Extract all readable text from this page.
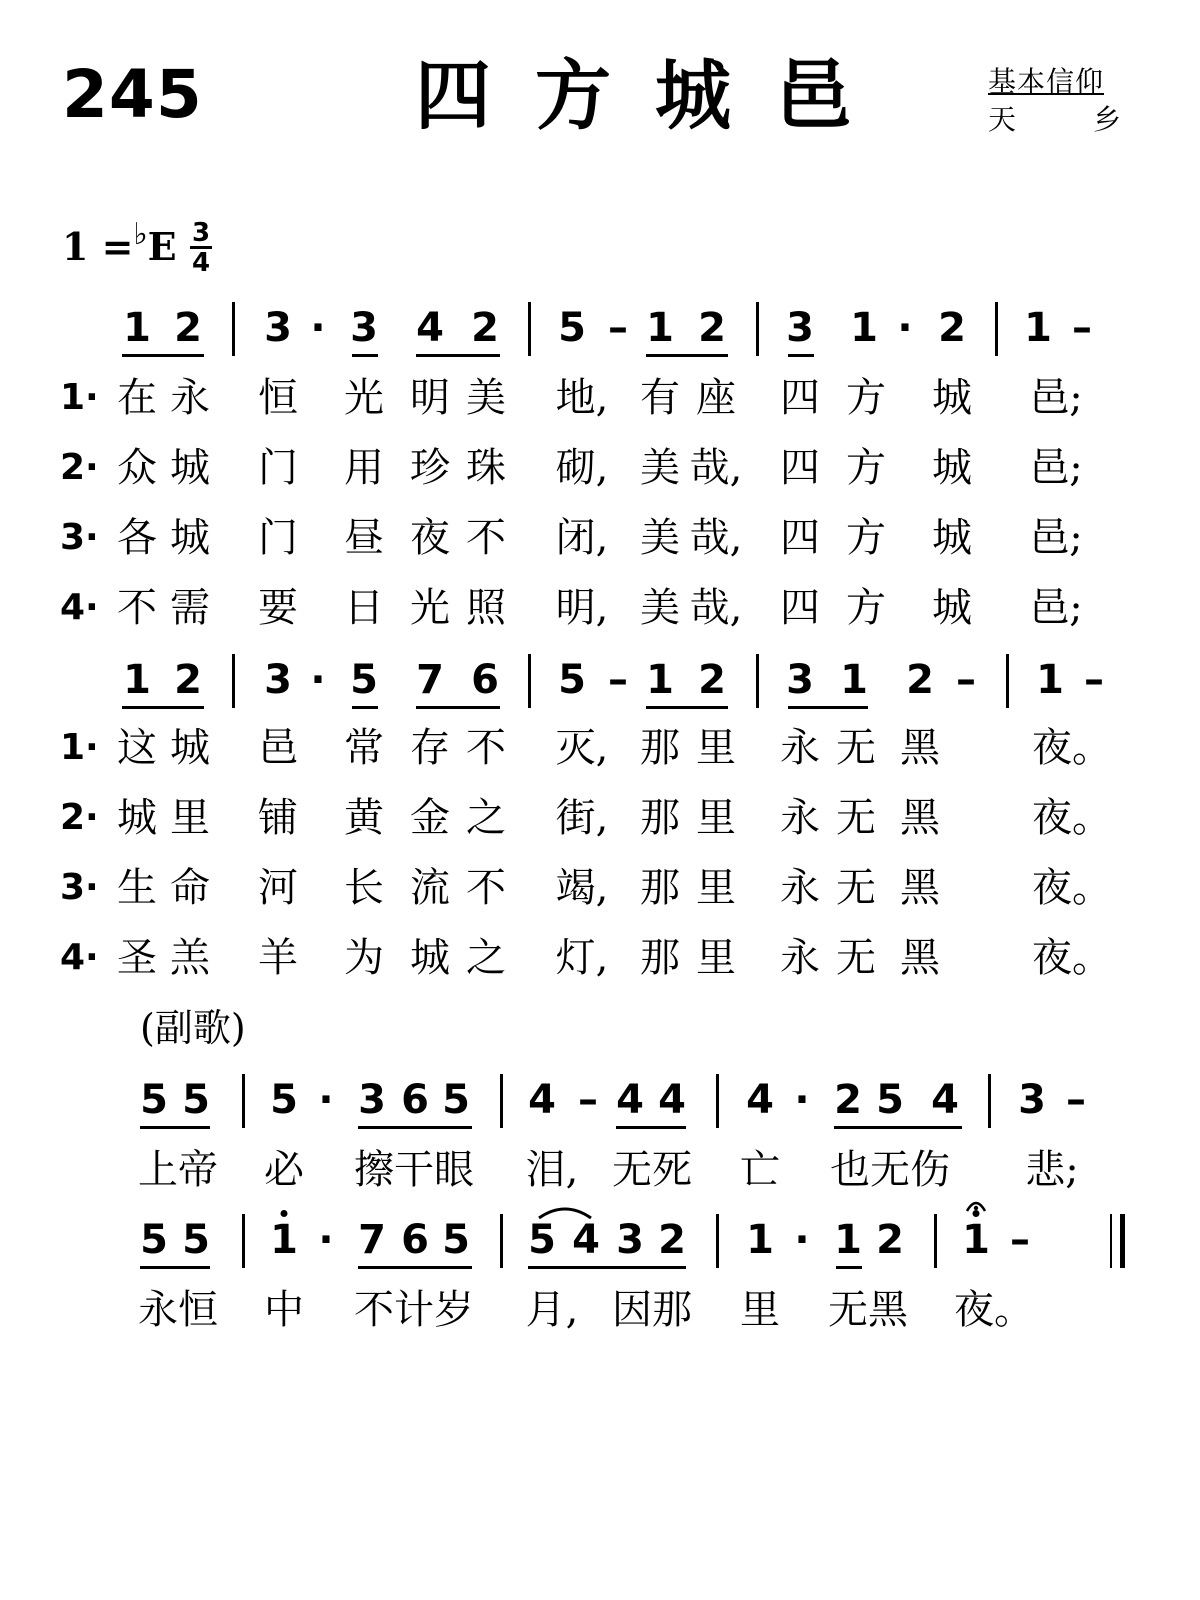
245	四方城邑	基本信仰
天	乡
$1 =^♭E \frac{3}{4}$
1 2 3 · 3 4 2 5 – 1 2 3 1 · 2 1 –
1· 在 永 恒 光 明 美 地, 有 座 四 方 城 邑;
2· 众 城 门 用 珍 珠 砌, 美 哉, 四 方 城 邑;
3· 各 城 门 昼 夜 不 闭, 美 哉, 四 方 城 邑;
4· 不 需 要 日 光 照 明, 美 哉, 四 方 城 邑;
1 2 3 · 5 7 6 5 – 1 2 3 1 2 – 1 –
1· 这 城 邑 常 存 不 灭, 那 里 永 无 黑 夜。
2· 城 里 铺 黄 金 之 街, 那 里 永 无 黑 夜。
3· 生 命 河 长 流 不 竭, 那 里 永 无 黑 夜。
4· 圣 羔 羊 为 城 之 灯, 那 里 永 无 黑 夜。
(副歌)
5 5 5 · 3 6 5 4 – 4 4 4 · 2 5 4 3 –
上帝 必 擦干眼 泪, 无死 亡 也无伤 悲;
5 5 1 · 7 6 5 5 4 3 2 1 · 1 2 1 –
永恒 中 不计岁 月, 因那 里 无黑 夜。
